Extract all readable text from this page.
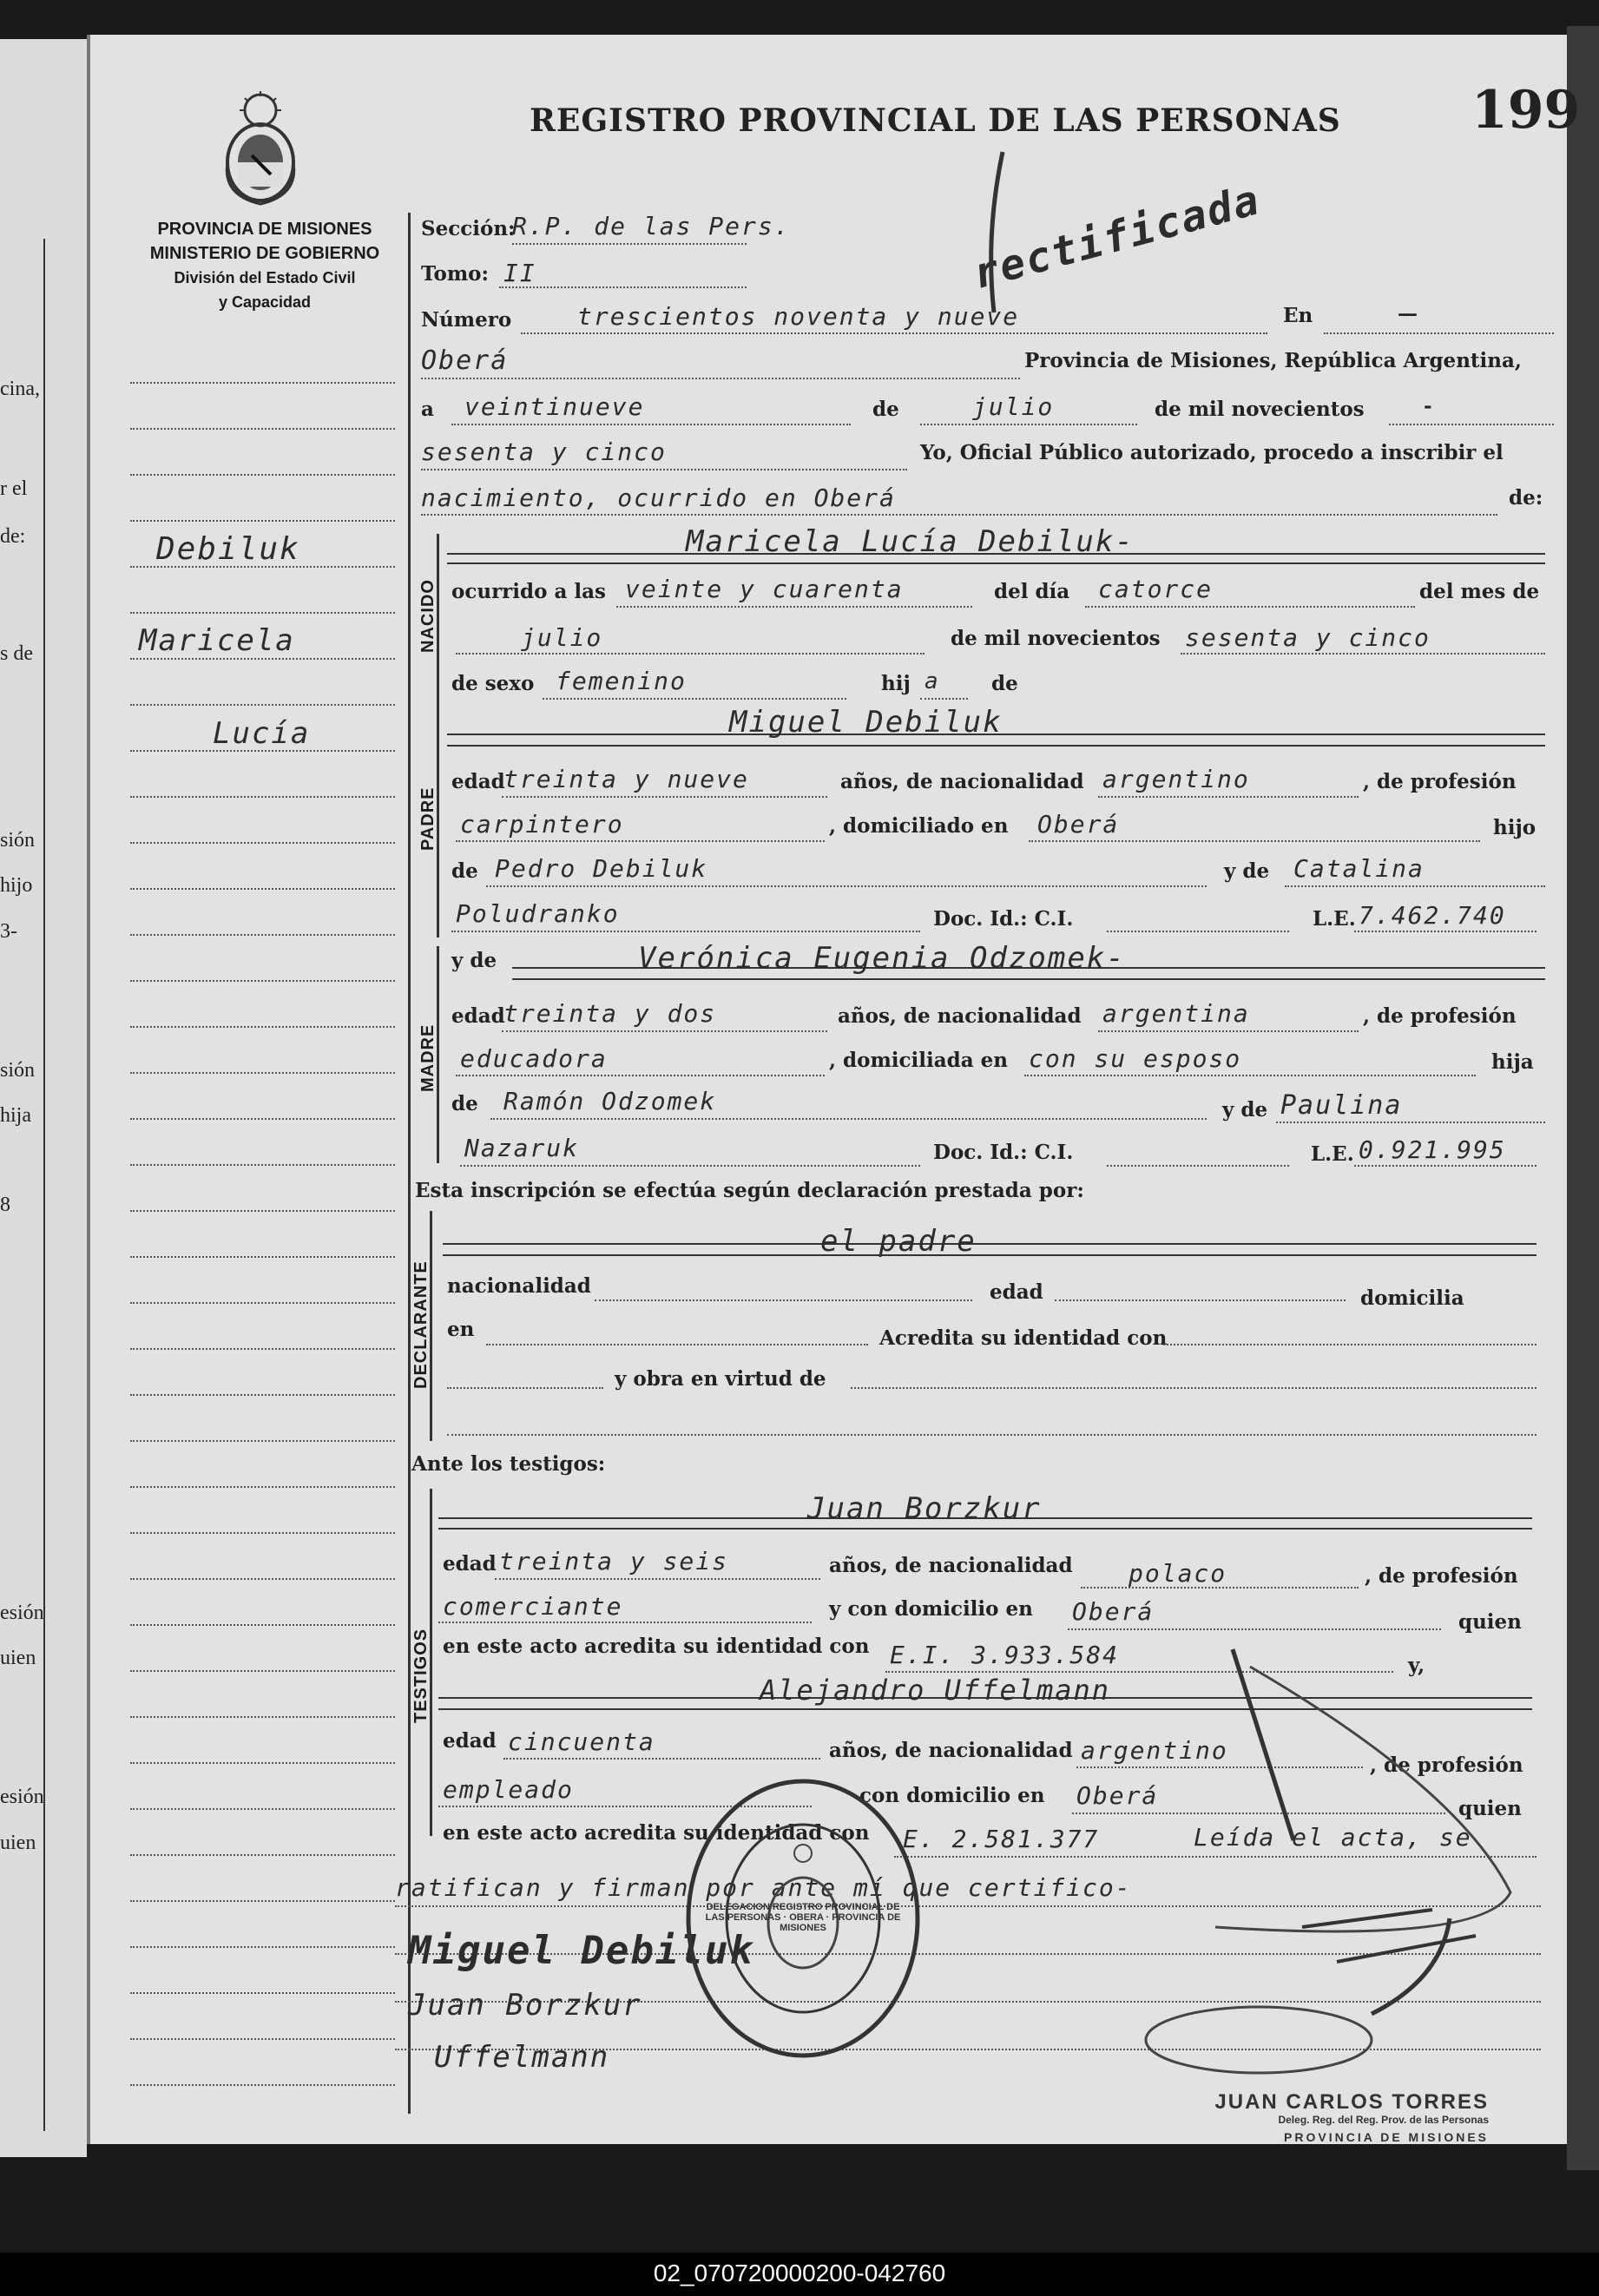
cina,
r el
de:
s de
sión
hijo
3-
sión
hija
8
esión
uien
esión
uien
REGISTRO PROVINCIAL DE LAS PERSONAS	199
rectificada
PROVINCIA DE MISIONES
MINISTERIO DE GOBIERNO
División del Estado Civil
y Capacidad
Debiluk
Maricela
Lucía
Sección:
R.P. de las Pers.
Tomo: II
Número	trescientos noventa y nueve	En	—
Oberá	Provincia de Misiones, República Argentina,
a veintinueve	de	julio	de mil novecientos	-
sesenta y cinco	Yo, Oficial Público autorizado, procedo a inscribir el
nacimiento, ocurrido en Oberá	de:
NACIDO
Maricela Lucía Debiluk-
ocurrido a las veinte y cuarenta	del día catorce	del mes de
julio	de mil novecientos sesenta y cinco
de sexo femenino	hij a	de
PADRE
Miguel Debiluk
edad
treinta y nueve	años, de nacionalidad argentino	, de profesión
carpintero	, domiciliado en Oberá	hijo
de Pedro Debiluk	y de Catalina
Poludranko	Doc. Id.: C.I.	L.E. 7.462.740
MADRE
y de	Verónica Eugenia Odzomek-
edad
treinta y dos	años, de nacionalidad argentina	, de profesión
educadora	, domiciliada en con su esposo	hija
de Ramón Odzomek	y de Paulina
Nazaruk	Doc. Id.: C.I.	L.E. 0.921.995
Esta inscripción se efectúa según declaración prestada por:
DECLARANTE
el padre
nacionalidad	edad	domicilia
en	Acredita su identidad con
y obra en virtud de
Ante los testigos:
TESTIGOS
Juan Borzkur
edad treinta y seis	años, de nacionalidad polaco	, de profesión
comerciante	y con domicilio en Oberá	quien
en este acto acredita su identidad con E.I. 3.933.584	y,
Alejandro Uffelmann
edad cincuenta	años, de nacionalidad argentino
, de profesión
empleado	con domicilio en Oberá	quien
en este acto acredita su identidad con E. 2.581.377	Leída el acta, se
ratifican y firman por ante mí que certifico-
Miguel Debiluk
Juan Borzkur
Uffelmann
DELEGACION REGISTRO PROVINCIAL DE LAS PERSONAS · OBERA · PROVINCIA DE MISIONES
JUAN CARLOS TORRES
Deleg. Reg. del Reg. Prov. de las Personas
PROVINCIA DE MISIONES
02_070720000200-042760
